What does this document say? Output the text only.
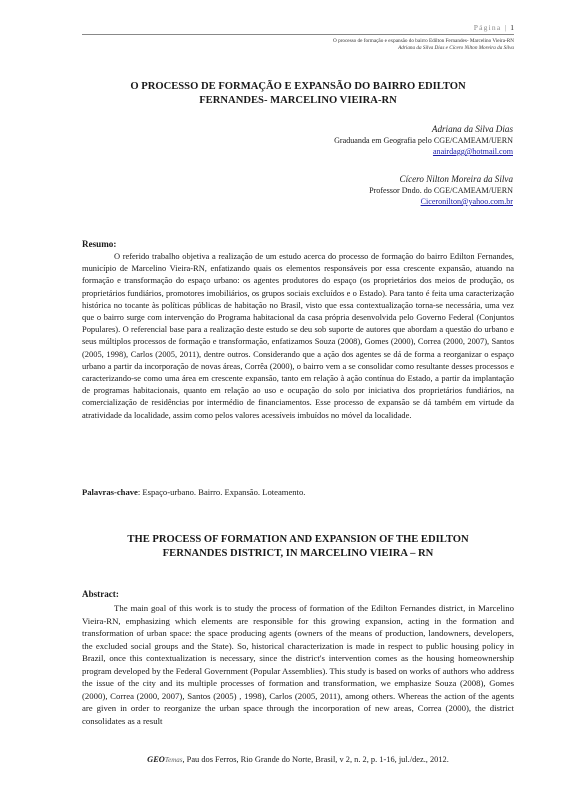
Página | 1
O processo de formação e expansão do bairro Edilton Fernandes- Marcelino Vieira-RN
Adriana da Silva Dias e Cícero Nilton Moreira da Silva
O PROCESSO DE FORMAÇÃO E EXPANSÃO DO BAIRRO EDILTON
FERNANDES- MARCELINO VIEIRA-RN
Adriana da Silva Dias
Graduanda em Geografia pelo CGE/CAMEAM/UERN
anairdagg@hotmail.com
Cícero Nilton Moreira da Silva
Professor Dndo. do CGE/CAMEAM/UERN
Ciceronilton@yahoo.com.br
Resumo:

O referido trabalho objetiva a realização de um estudo acerca do processo de formação do bairro Edilton Fernandes, município de Marcelino Vieira-RN, enfatizando quais os elementos responsáveis por essa crescente expansão, atuando na formação e transformação do espaço urbano: os agentes produtores do espaço (os proprietários dos meios de produção, os proprietários fundiários, promotores imobiliários, os grupos sociais excluídos e o Estado). Para tanto é feita uma caracterização histórica no tocante às políticas públicas de habitação no Brasil, visto que essa contextualização torna-se necessária, uma vez que o bairro surge com intervenção do Programa habitacional da casa própria desenvolvida pelo Governo Federal (Conjuntos Populares). O referencial base para a realização deste estudo se deu sob suporte de autores que abordam a questão do urbano e seus múltiplos processos de formação e transformação, enfatizamos Souza (2008), Gomes (2000), Correa (2000, 2007), Santos (2005, 1998), Carlos (2005, 2011), dentre outros. Considerando que a ação dos agentes se dá de forma a reorganizar o espaço urbano a partir da incorporação de novas áreas, Corrêa (2000), o bairro vem a se consolidar como resultante desses processos e caracterizando-se como uma área em crescente expansão, tanto em relação à ação contínua do Estado, a partir da implantação de programas habitacionais, quanto em relação ao uso e ocupação do solo por iniciativa dos proprietários fundiários, na comercialização de residências por intermédio de financiamentos. Esse processo de expansão se dá também em virtude da atratividade da localidade, assim como pelos valores acessíveis imbuídos no móvel da localidade.

Palavras-chave: Espaço-urbano. Bairro. Expansão. Loteamento.
THE PROCESS OF FORMATION AND EXPANSION OF THE EDILTON
FERNANDES DISTRICT, IN MARCELINO VIEIRA – RN
Abstract:

The main goal of this work is to study the process of formation of the Edilton Fernandes district, in Marcelino Vieira-RN, emphasizing which elements are responsible for this growing expansion, acting in the formation and transformation of urban space: the space producing agents (owners of the means of production, landowners, developers, the excluded social groups and the State). So, historical characterization is made in respect to public housing policy in Brazil, once this contextualization is necessary, since the district's intervention comes as the housing homeownership program developed by the Federal Government (Popular Assemblies). This study is based on works of authors who address the issue of the city and its multiple processes of formation and transformation, we emphasize Souza (2008), Gomes (2000), Correa (2000, 2007), Santos (2005) , 1998), Carlos (2005, 2011), among others. Whereas the action of the agents are given in order to reorganize the urban space through the incorporation of new areas, Correa (2000), the district consolidates as a result

GEOTemas, Pau dos Ferros, Rio Grande do Norte, Brasil, v 2, n. 2, p. 1-16, jul./dez., 2012.
